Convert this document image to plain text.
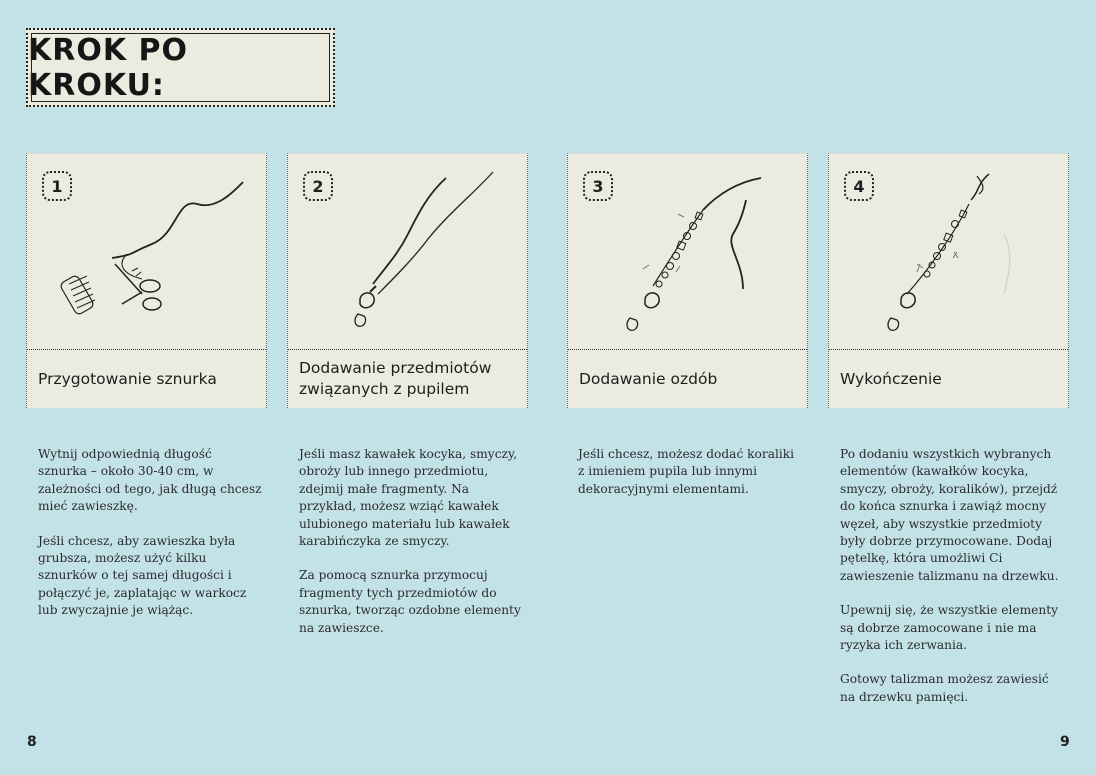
KROK PO KROKU:
1
Przygotowanie sznurka
2
Dodawanie przedmiotów związanych z pupilem
3
Dodawanie ozdób
4
Wykończenie

Wytnij odpowiednią długość sznurka – około 30-40 cm, w zależności od tego, jak długą chcesz mieć zawieszkę.

Jeśli chcesz, aby zawieszka była grubsza, możesz użyć kilku sznurków o tej samej długości i połączyć je, zaplatając w warkocz lub zwyczajnie je wiążąc.

Jeśli masz kawałek kocyka, smyczy, obroży lub innego przedmiotu, zdejmij małe fragmenty. Na przykład, możesz wziąć kawałek ulubionego materiału lub kawałek karabińczyka ze smyczy.

Za pomocą sznurka przymocuj fragmenty tych przedmiotów do sznurka, tworząc ozdobne elementy na zawieszce.

Jeśli chcesz, możesz dodać koraliki z imieniem pupila lub innymi dekoracyjnymi elementami.

Po dodaniu wszystkich wybranych elementów (kawałków kocyka, smyczy, obroży, koralików), przejdź do końca sznurka i zawiąż mocny węzeł, aby wszystkie przedmioty były dobrze przymocowane. Dodaj pętelkę, która umożliwi Ci zawieszenie talizmanu na drzewku.

Upewnij się, że wszystkie elementy są dobrze zamocowane i nie ma ryzyka ich zerwania.

Gotowy talizman możesz zawiesić na drzewku pamięci.

8	9
